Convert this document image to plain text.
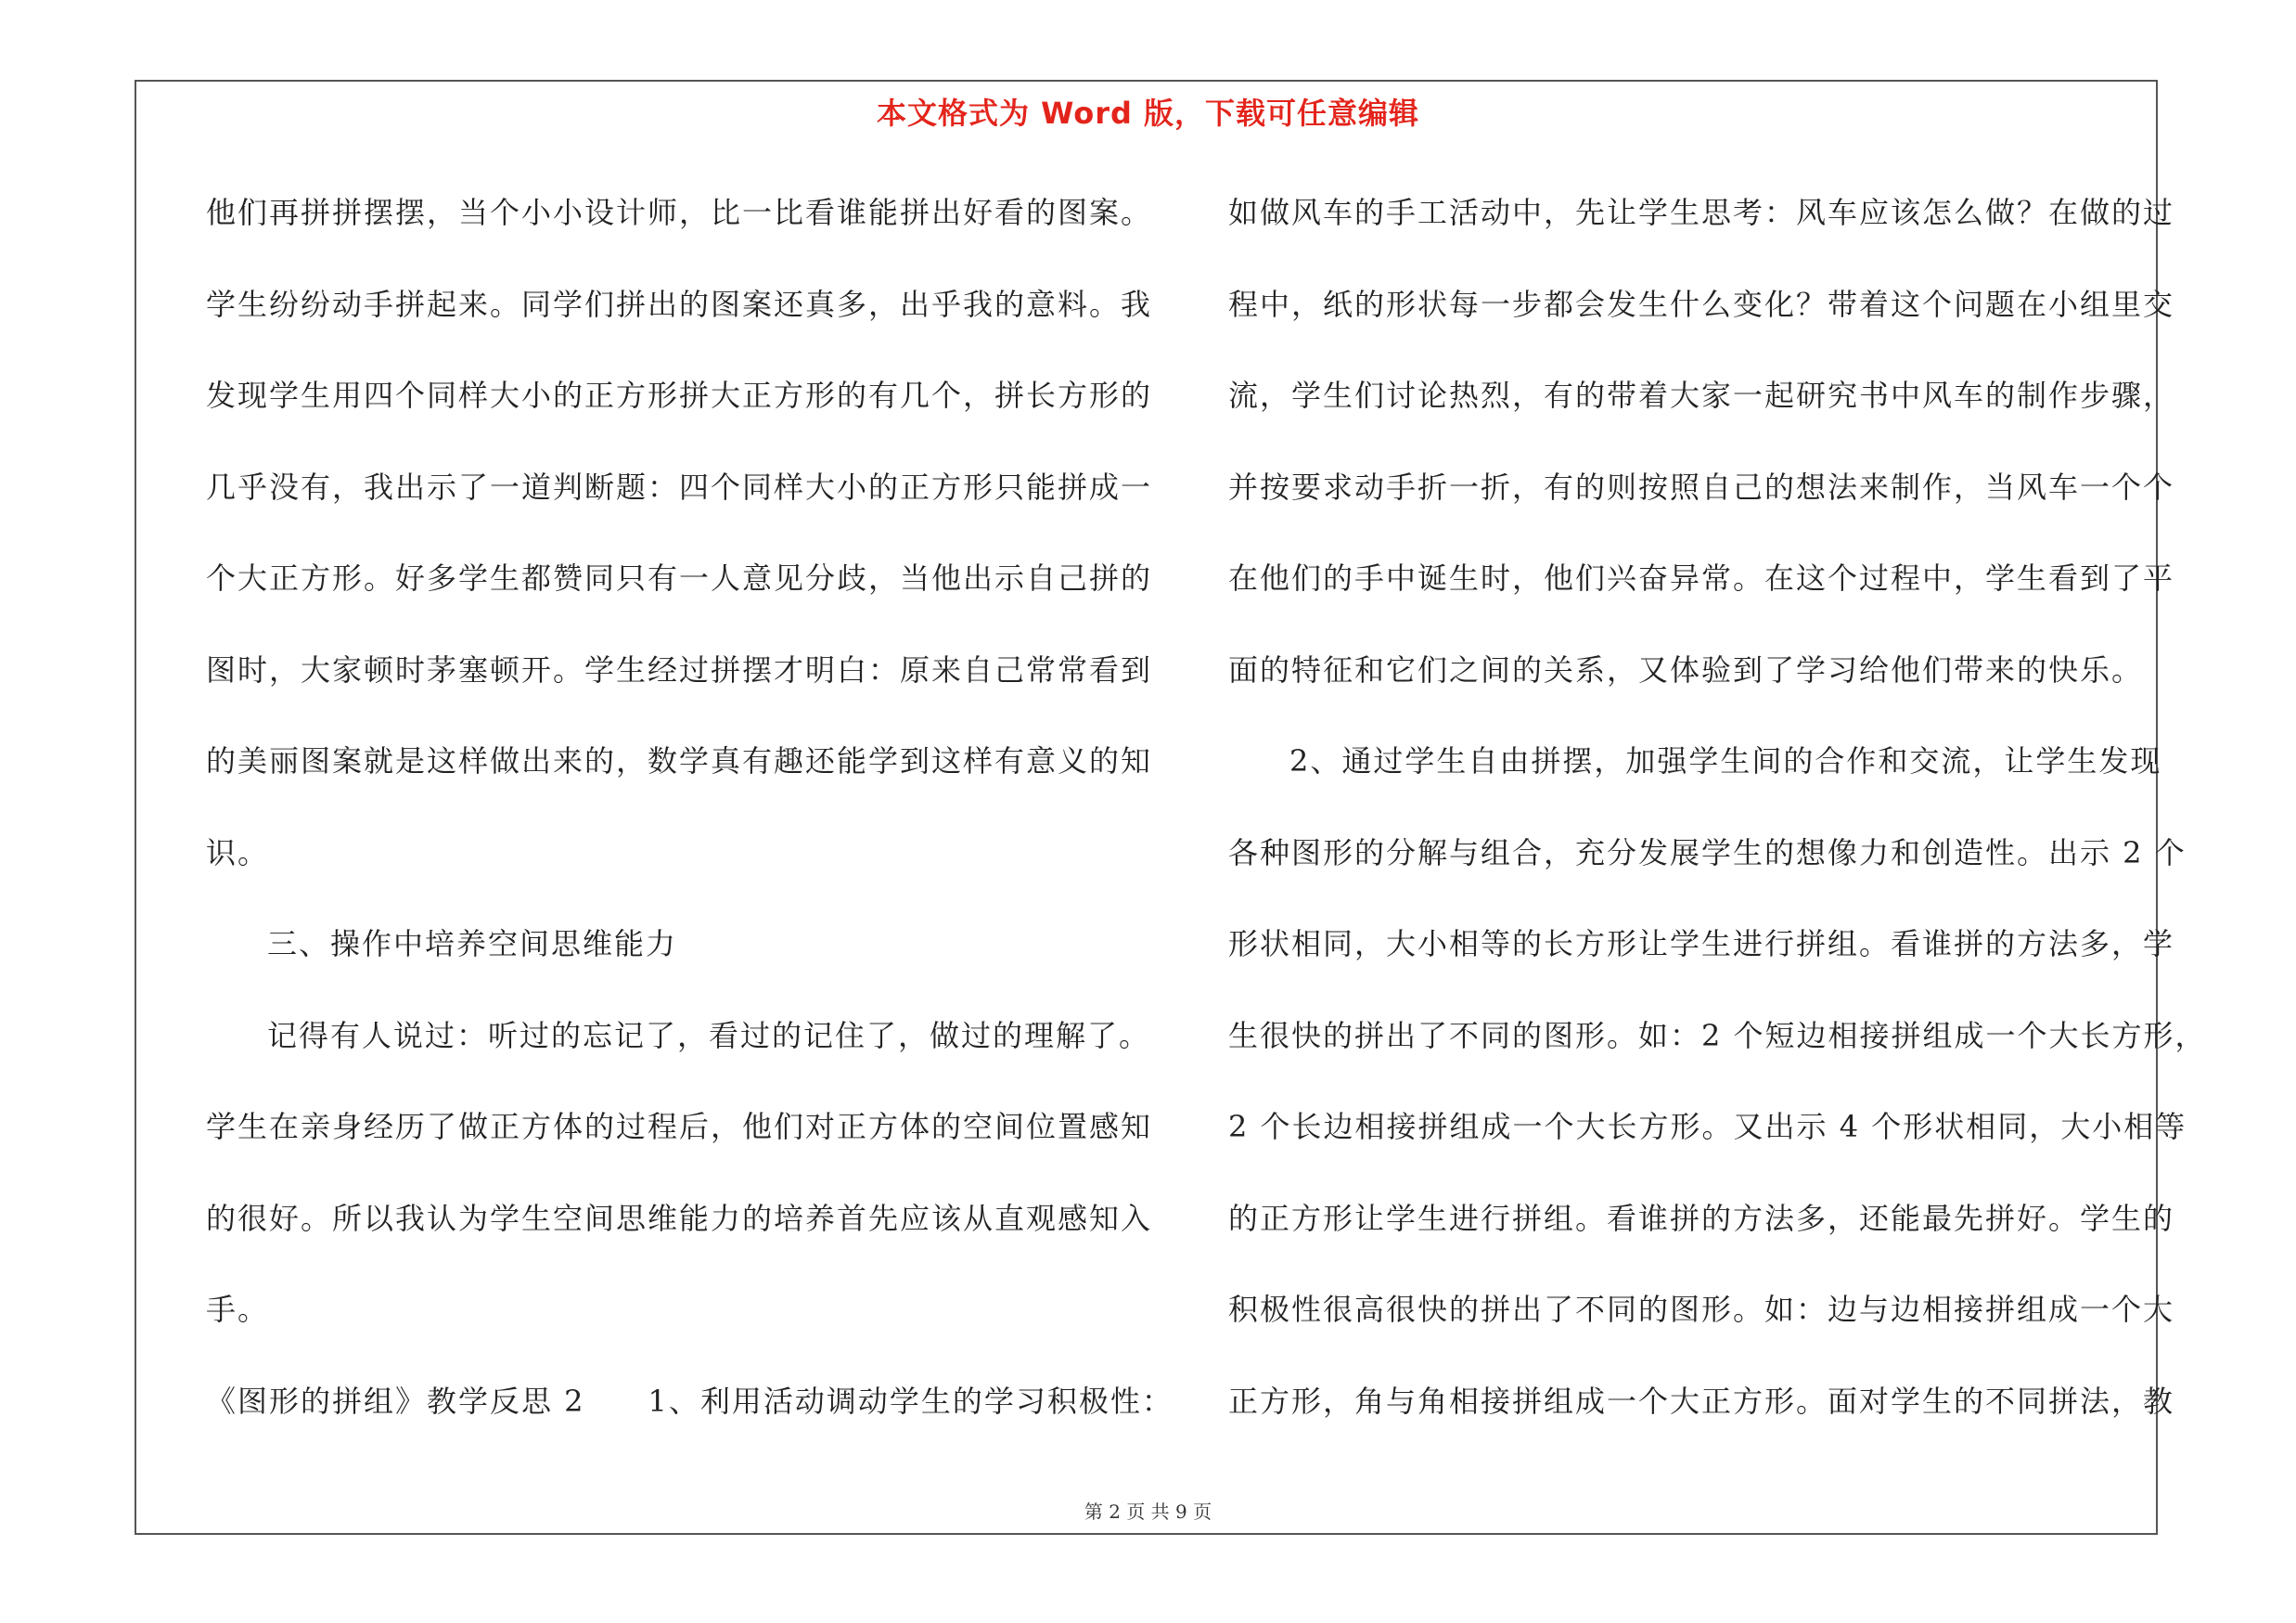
本文格式为 Word 版，下载可任意编辑
他们再拼拼摆摆，当个小小设计师，比一比看谁能拼出好看的图案。
学生纷纷动手拼起来。同学们拼出的图案还真多，出乎我的意料。我
发现学生用四个同样大小的正方形拼大正方形的有几个，拼长方形的
几乎没有，我出示了一道判断题：四个同样大小的正方形只能拼成一
个大正方形。好多学生都赞同只有一人意见分歧，当他出示自己拼的
图时，大家顿时茅塞顿开。学生经过拼摆才明白：原来自己常常看到
的美丽图案就是这样做出来的，数学真有趣还能学到这样有意义的知
识。
三、操作中培养空间思维能力
记得有人说过：听过的忘记了，看过的记住了，做过的理解了。
学生在亲身经历了做正方体的过程后，他们对正方体的空间位置感知
的很好。所以我认为学生空间思维能力的培养首先应该从直观感知入
手。
《图形的拼组》教学反思 2　　1、利用活动调动学生的学习积极性：
如做风车的手工活动中，先让学生思考：风车应该怎么做？在做的过
程中，纸的形状每一步都会发生什么变化？带着这个问题在小组里交
流，学生们讨论热烈，有的带着大家一起研究书中风车的制作步骤，
并按要求动手折一折，有的则按照自己的想法来制作，当风车一个个
在他们的手中诞生时，他们兴奋异常。在这个过程中，学生看到了平
面的特征和它们之间的关系，又体验到了学习给他们带来的快乐。
2、通过学生自由拼摆，加强学生间的合作和交流，让学生发现
各种图形的分解与组合，充分发展学生的想像力和创造性。出示 2 个
形状相同，大小相等的长方形让学生进行拼组。看谁拼的方法多，学
生很快的拼出了不同的图形。如：2 个短边相接拼组成一个大长方形，
2 个长边相接拼组成一个大长方形。又出示 4 个形状相同，大小相等
的正方形让学生进行拼组。看谁拼的方法多，还能最先拼好。学生的
积极性很高很快的拼出了不同的图形。如：边与边相接拼组成一个大
正方形，角与角相接拼组成一个大正方形。面对学生的不同拼法，教
第 2 页 共 9 页
